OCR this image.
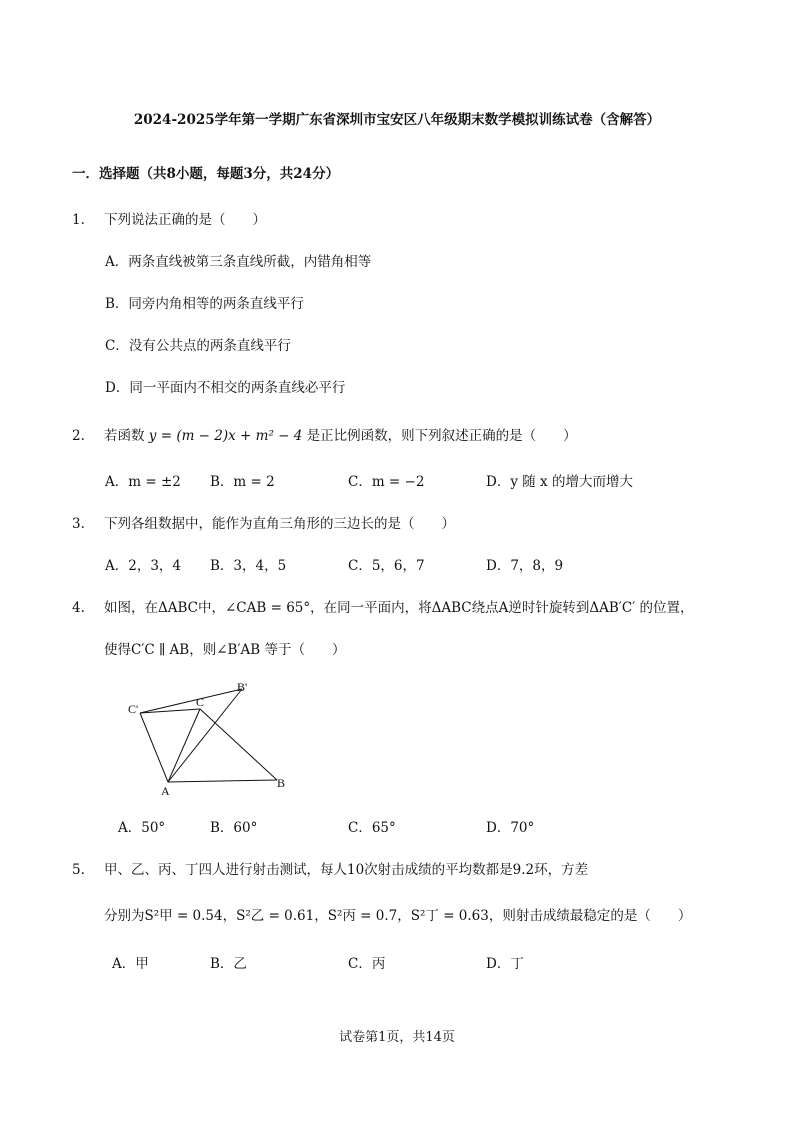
2024-2025学年第一学期广东省深圳市宝安区八年级期末数学模拟训练试卷（含解答）
一．选择题（共8小题，每题3分，共24分）
1. 下列说法正确的是（　　）
A．两条直线被第三条直线所截，内错角相等
B．同旁内角相等的两条直线平行
C．没有公共点的两条直线平行
D．同一平面内不相交的两条直线必平行
2. 若函数 y = (m − 2)x + m² − 4 是正比例函数，则下列叙述正确的是（　　）
A．m = ±2 B．m = 2	C．m = −2	D．y 随 x 的增大而增大
3. 下列各组数据中，能作为直角三角形的三边长的是（　　）
A．2，3，4 B．3，4，5	C．5，6，7	D．7，8，9
4. 如图，在ΔABC中，∠CAB = 65°，在同一平面内，将ΔABC绕点A逆时针旋转到ΔAB′C′ 的位置，
使得C′C ∥ AB，则∠B′AB 等于（　　）
C'	C
B'
A
B
A．50°	B．60°	C．65°	D．70°
5. 甲、乙、丙、丁四人进行射击测试，每人10次射击成绩的平均数都是9.2环，方差
分别为S²甲 = 0.54，S²乙 = 0.61，S²丙 = 0.7，S²丁 = 0.63，则射击成绩最稳定的是（　　）
A．甲	B．乙	C．丙	D．丁
试卷第1页，共14页
